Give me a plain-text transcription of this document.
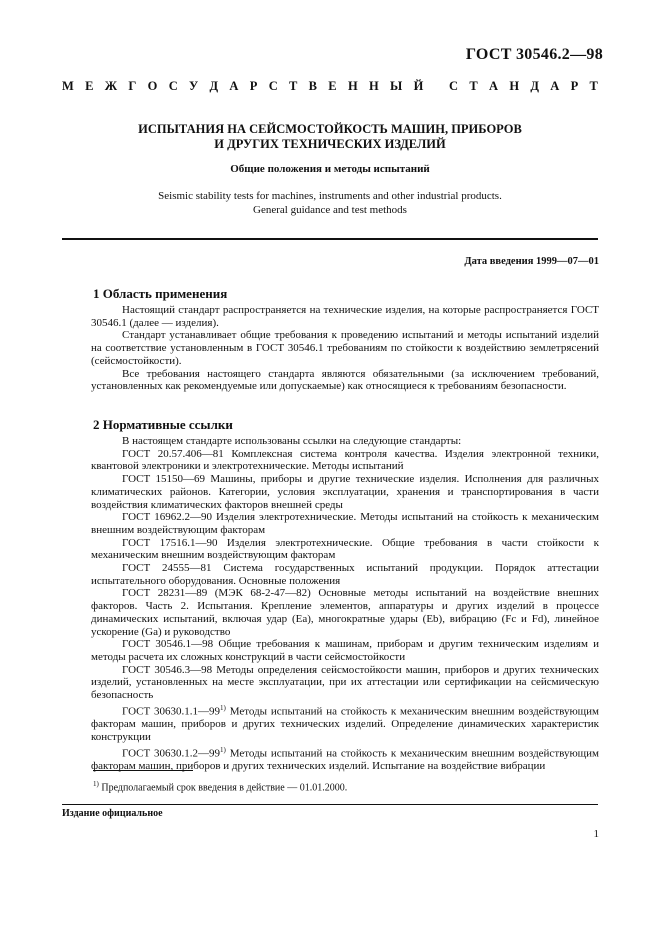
ГОСТ 30546.2—98
М Е Ж Г О С У Д А Р С Т В Е Н Н Ы Й
С Т А Н Д А Р Т
ИСПЫТАНИЯ НА СЕЙСМОСТОЙКОСТЬ МАШИН, ПРИБОРОВ
И ДРУГИХ ТЕХНИЧЕСКИХ ИЗДЕЛИЙ
Общие положения и методы испытаний
Seismic stability tests for machines, instruments and other industrial products.
General guidance and test methods
Дата введения 1999—07—01
1 Область применения

Настоящий стандарт распространяется на технические изделия, на которые распространяется ГОСТ 30546.1 (далее — изделия).

Стандарт устанавливает общие требования к проведению испытаний и методы испытаний изделий на соответствие установленным в ГОСТ 30546.1 требованиям по стойкости к воздействию землетрясений (сейсмостойкости).

Все требования настоящего стандарта являются обязательными (за исключением требований, установленных как рекомендуемые или допускаемые) как относящиеся к требованиям безопасности.

2 Нормативные ссылки

В настоящем стандарте использованы ссылки на следующие стандарты:

ГОСТ 20.57.406—81 Комплексная система контроля качества. Изделия электронной техники, квантовой электроники и электротехнические. Методы испытаний

ГОСТ 15150—69 Машины, приборы и другие технические изделия. Исполнения для различных климатических районов. Категории, условия эксплуатации, хранения и транспортирования в части воздействия климатических факторов внешней среды

ГОСТ 16962.2—90 Изделия электротехнические. Методы испытаний на стойкость к механическим внешним воздействующим факторам

ГОСТ 17516.1—90 Изделия электротехнические. Общие требования в части стойкости к механическим внешним воздействующим факторам

ГОСТ 24555—81 Система государственных испытаний продукции. Порядок аттестации испытательного оборудования. Основные положения

ГОСТ 28231—89 (МЭК 68-2-47—82) Основные методы испытаний на воздействие внешних факторов. Часть 2. Испытания. Крепление элементов, аппаратуры и других изделий в процессе динамических испытаний, включая удар (Ea), многократные удары (Eb), вибрацию (Fc и Fd), линейное ускорение (Ga) и руководство

ГОСТ 30546.1—98 Общие требования к машинам, приборам и другим техническим изделиям и методы расчета их сложных конструкций в части сейсмостойкости

ГОСТ 30546.3—98 Методы определения сейсмостойкости машин, приборов и других технических изделий, установленных на месте эксплуатации, при их аттестации или сертификации на сейсмическую безопасность

ГОСТ 30630.1.1—99$^{1)}$ Методы испытаний на стойкость к механическим внешним воздействующим факторам машин, приборов и других технических изделий. Определение динамических характеристик конструкции

ГОСТ 30630.1.2—99$^{1)}$ Методы испытаний на стойкость к механическим внешним воздействующим факторам машин, приборов и других технических изделий. Испытание на воздействие вибрации

$^{1)}$ Предполагаемый срок введения в действие — 01.01.2000.
Издание официальное
1
